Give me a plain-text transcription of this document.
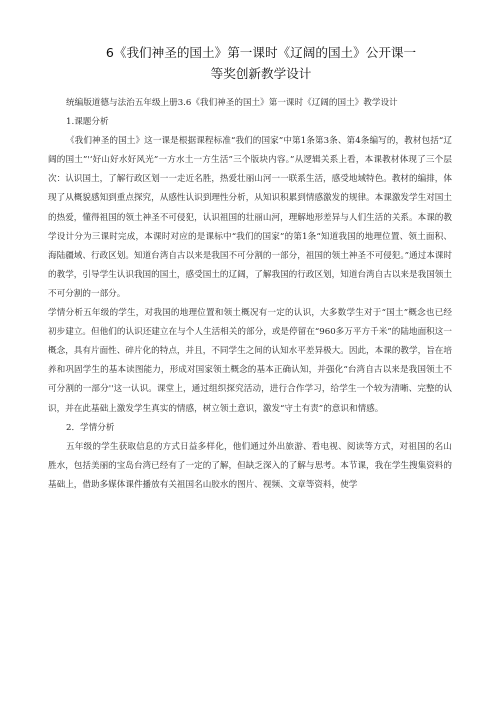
6《我们神圣的国土》第一课时《辽阔的国土》公开课一
等奖创新教学设计

统编版道德与法治五年级上册3.6《我们神圣的国土》第一课时《辽阔的国土》教学设计

1.课题分析

《我们神圣的国土》这一课是根据课程标准“我们的国家”中第1条第3条、第4条编写的，教材包括“辽阔的国土”'‘好山好水好风光”一方水土一方生活”三个版块内容。”从逻辑关系上看，本课教材体现了三个层次：认识国土，了解行政区划一一走近名胜，热爱壮丽山河一一联系生活，感受地域特色。教材的编排，体现了从概貌感知到重点探究，从感性认识到理性分析，从知识积累到情感激发的规律。本课激发学生对国土的热爱，懂得祖国的领土神圣不可侵犯，认识祖国的壮丽山河，理解地形差异与人们生活的关系。本课的教学设计分为三课时完成，本课时对应的是课标中“我们的国家”的第1条“知道我国的地理位置、领土面积、海陆疆域、行政区划。知道台湾自古以来是我国不可分割的一部分，祖国的领土神圣不可侵犯。”通过本课时的教学，引导学生认识我国的国土，感受国土的辽阔，了解我国的行政区划，知道台湾自古以来是我国领土不可分割的一部分。

学情分析五年级的学生，对我国的地理位置和领土概况有一定的认识，大多数学生对于“国土”概念也已经初步建立。但他们的认识还建立在与个人生活相关的部分，或是停留在“960多万平方千米”的陆地面积这一概念，具有片面性、碎片化的特点，并且，不同学生之间的认知水平差异极大。因此，本课的教学，旨在培养和巩固学生的基本读图能力，形成对国家领土概念的基本正确认知，并强化“台湾自古以来是我国领土不可分割的一部分''这一认识。课堂上，通过组织探究活动，进行合作学习，给学生一个较为清晰、完整的认识，并在此基础上激发学生真实的情感，树立领土意识，激发“守土有责”的意识和情感。

2．学情分析

五年级的学生获取信息的方式日益多样化，他们通过外出旅游、看电视、阅读等方式，对祖国的名山胜水，包括美丽的宝岛台湾已经有了一定的了解，但缺乏深入的了解与思考。本节课，我在学生搜集资料的基础上，借助多媒体课件播放有关祖国名山胶水的图片、视频、文章等资料，使学
